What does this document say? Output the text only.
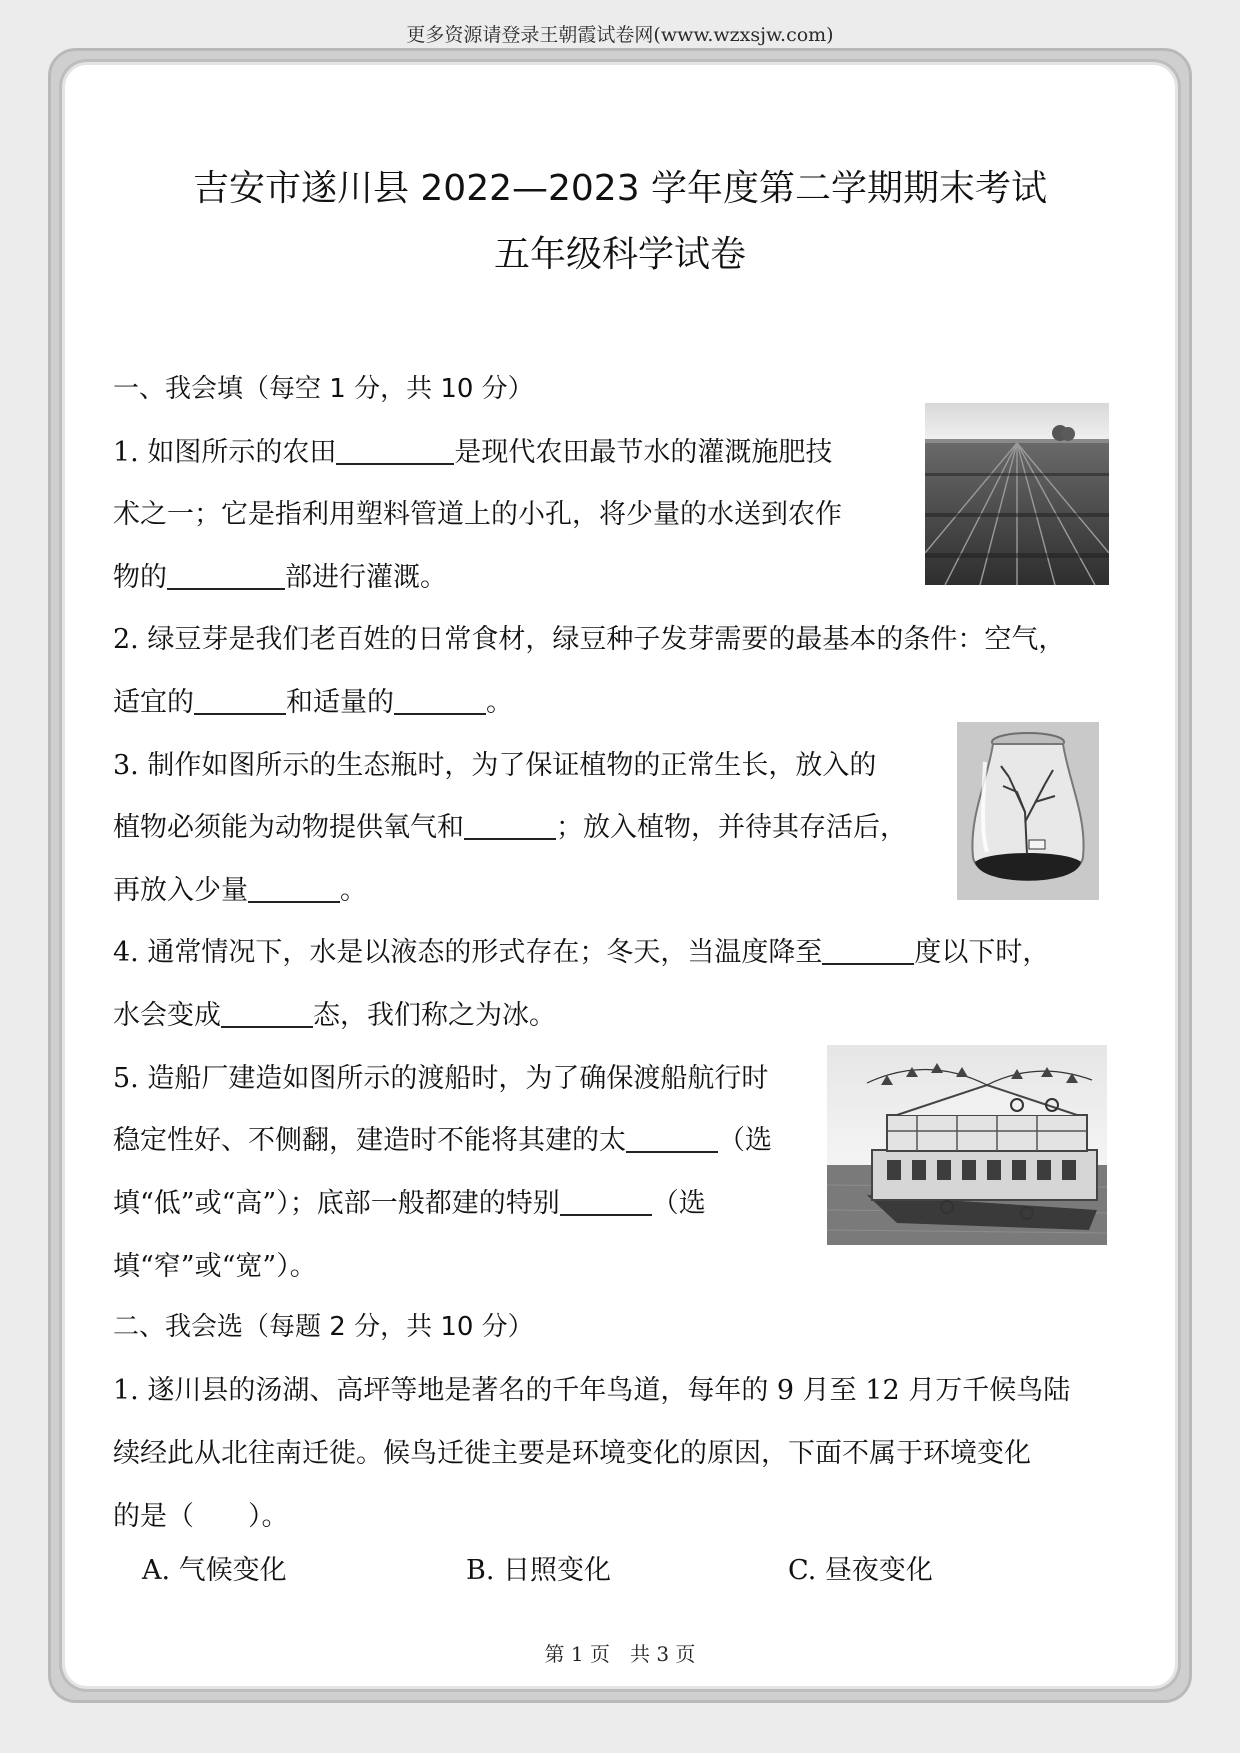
更多资源请登录王朝霞试卷网(www.wzxsjw.com)
吉安市遂川县 2022—2023 学年度第二学期期末考试
五年级科学试卷
一、我会填（每空 1 分，共 10 分）
1. 如图所示的农田	是现代农田最节水的灌溉施肥技
术之一；它是指利用塑料管道上的小孔，将少量的水送到农作
物的	部进行灌溉。
2. 绿豆芽是我们老百姓的日常食材，绿豆种子发芽需要的最基本的条件：空气，
适宜的	和适量的	。
3. 制作如图所示的生态瓶时，为了保证植物的正常生长，放入的
植物必须能为动物提供氧气和	；放入植物，并待其存活后，
再放入少量	。
4. 通常情况下，水是以液态的形式存在；冬天，当温度降至	度以下时，
水会变成	态，我们称之为冰。
5. 造船厂建造如图所示的渡船时，为了确保渡船航行时
稳定性好、不侧翻，建造时不能将其建的太	（选
填“低”或“高”）；底部一般都建的特别	（选
填“窄”或“宽”）。
二、我会选（每题 2 分，共 10 分）
1. 遂川县的汤湖、高坪等地是著名的千年鸟道，每年的 9 月至 12 月万千候鸟陆
续经此从北往南迁徙。候鸟迁徙主要是环境变化的原因，下面不属于环境变化
的是（　　）。
A. 气候变化	B. 日照变化	C. 昼夜变化
第 1 页　共 3 页
